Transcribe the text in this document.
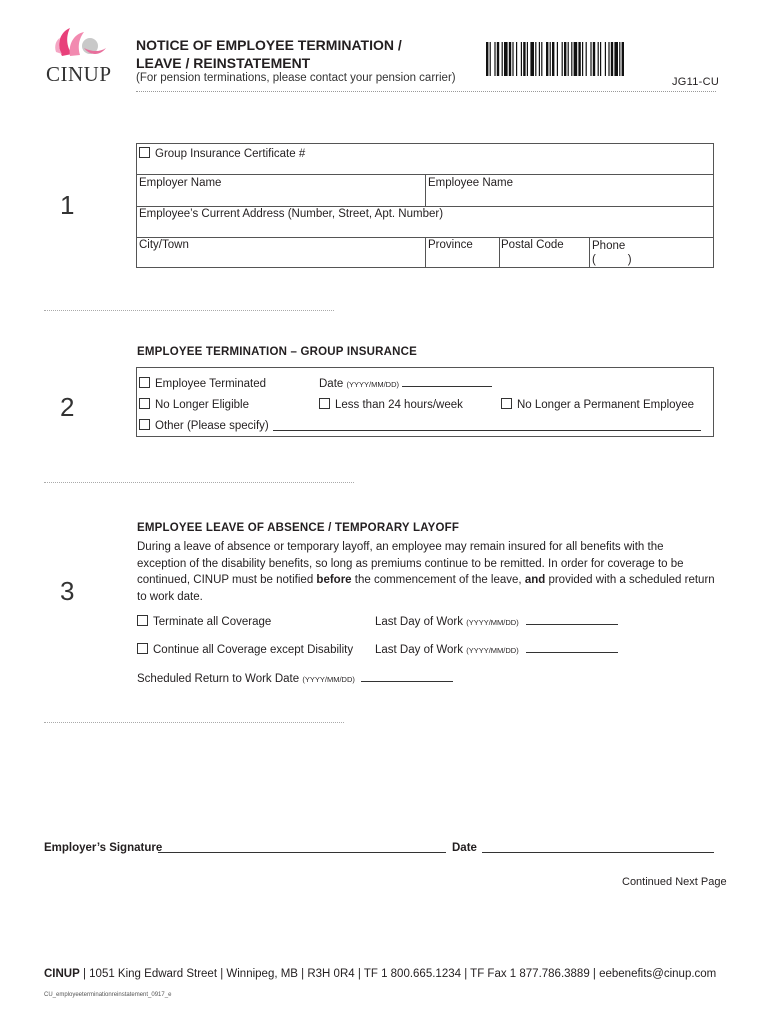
CINUP
NOTICE OF EMPLOYEE TERMINATION /
LEAVE / REINSTATEMENT
(For pension terminations, please contact your pension carrier)	JG11-CU
1
Group Insurance Certificate #
Employer Name	Employee Name
Employee’s Current Address (Number, Street, Apt. Number)
City/Town	Province Postal Code Phone
(          )
EMPLOYEE TERMINATION – GROUP INSURANCE
2
Employee Terminated	Date (YYYY/MM/DD)
No Longer Eligible	Less than 24 hours/week	No Longer a Permanent Employee
Other (Please specify)
EMPLOYEE LEAVE OF ABSENCE / TEMPORARY LAYOFF
During a leave of absence or temporary layoff, an employee may remain insured for all benefits with the exception of the disability benefits, so long as premiums continue to be remitted. In order for coverage to be continued, CINUP must be notified before the commencement of the leave, and provided with a scheduled return to work date.
3
Terminate all Coverage	Last Day of Work (YYYY/MM/DD)
Continue all Coverage except Disability Last Day of Work (YYYY/MM/DD)
Scheduled Return to Work Date (YYYY/MM/DD)
Employer’s Signature	Date
Continued Next Page
CINUP | 1051 King Edward Street | Winnipeg, MB | R3H 0R4 | TF 1 800.665.1234 | TF Fax 1 877.786.3889 | eebenefits@cinup.com
CU_employeeterminationreinstatement_0917_e
